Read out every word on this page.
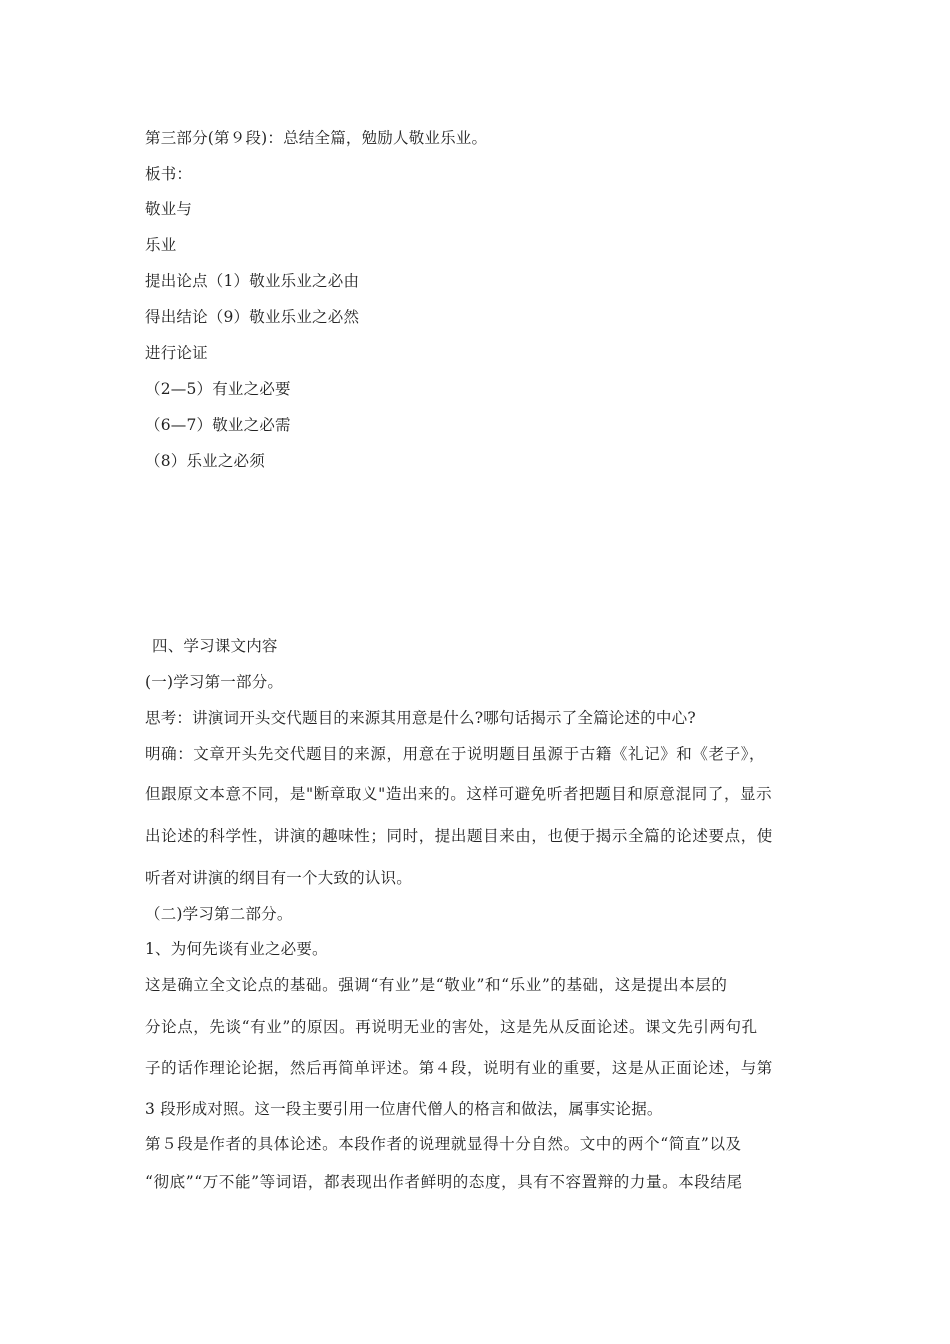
第三部分(第９段)：总结全篇，勉励人敬业乐业。
板书：
敬业与
乐业
提出论点（1）敬业乐业之必由
得出结论（9）敬业乐业之必然
进行论证
（2—5）有业之必要
（6—7）敬业之必需
（8）乐业之必须
四、学习课文内容
(一)学习第一部分。
思考：讲演词开头交代题目的来源其用意是什么?哪句话揭示了全篇论述的中心?
明确：文章开头先交代题目的来源，用意在于说明题目虽源于古籍《礼记》和《老子》，
但跟原文本意不同，是"断章取义"造出来的。这样可避免听者把题目和原意混同了，显示
出论述的科学性，讲演的趣味性；同时，提出题目来由，也便于揭示全篇的论述要点，使
听者对讲演的纲目有一个大致的认识。
（二)学习第二部分。
1、为何先谈有业之必要。
这是确立全文论点的基础。强调“有业”是“敬业”和“乐业”的基础，这是提出本层的
分论点，先谈“有业”的原因。再说明无业的害处，这是先从反面论述。课文先引两句孔
子的话作理论论据，然后再简单评述。第４段，说明有业的重要，这是从正面论述，与第
3 段形成对照。这一段主要引用一位唐代僧人的格言和做法，属事实论据。
第５段是作者的具体论述。本段作者的说理就显得十分自然。文中的两个“简直”以及
“彻底”“万不能”等词语，都表现出作者鲜明的态度，具有不容置辩的力量。本段结尾
